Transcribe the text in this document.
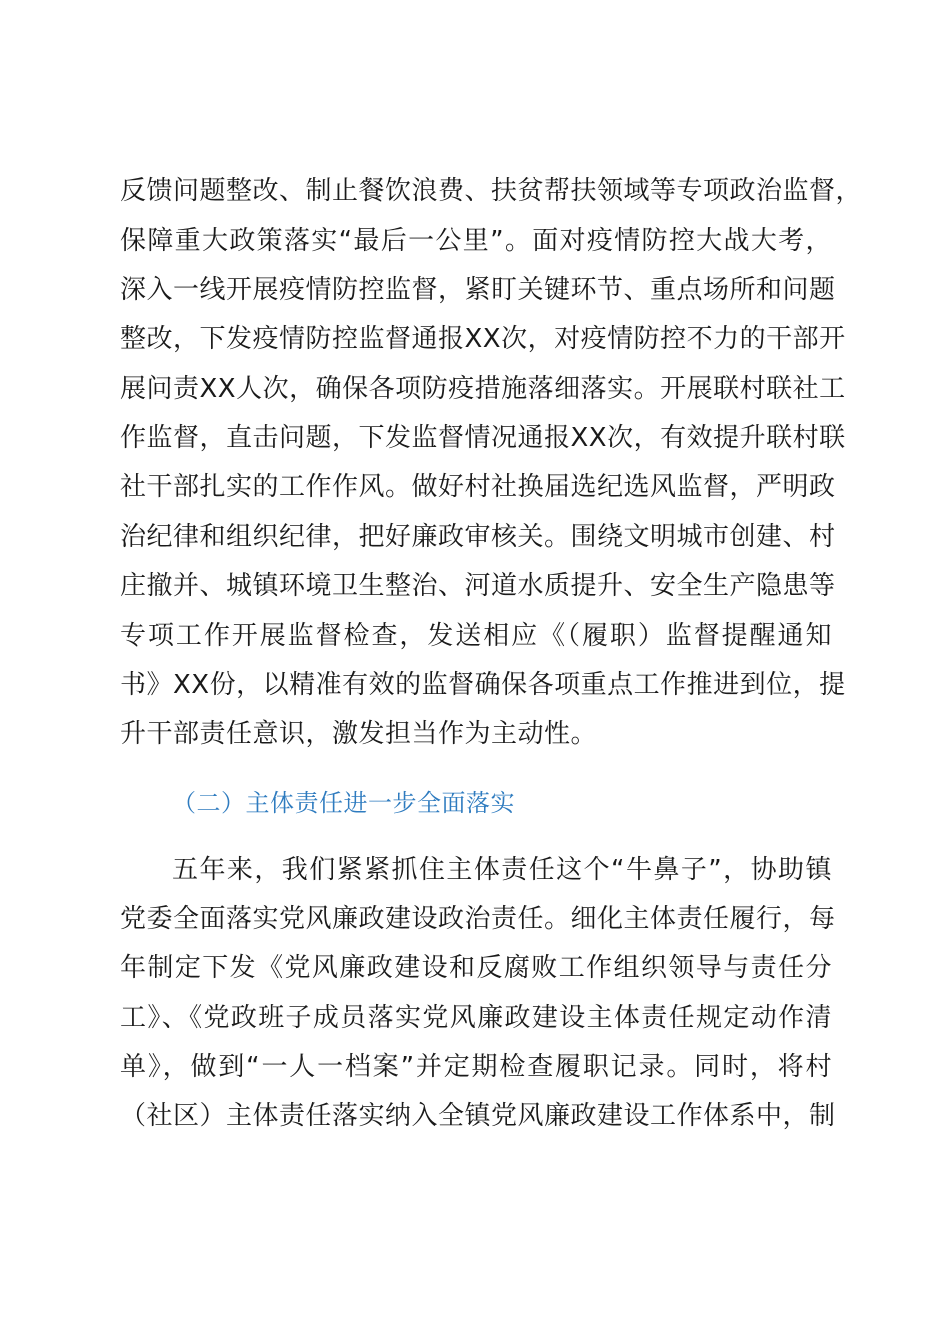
反馈问题整改、制止餐饮浪费、扶贫帮扶领域等专项政治监督，
保障重大政策落实“最后一公里”。面对疫情防控大战大考，
深入一线开展疫情防控监督，紧盯关键环节、重点场所和问题
整改，下发疫情防控监督通报XX次，对疫情防控不力的干部开
展问责XX人次，确保各项防疫措施落细落实。开展联村联社工
作监督，直击问题，下发监督情况通报XX次，有效提升联村联
社干部扎实的工作作风。做好村社换届选纪选风监督，严明政
治纪律和组织纪律，把好廉政审核关。围绕文明城市创建、村
庄撤并、城镇环境卫生整治、河道水质提升、安全生产隐患等
专项工作开展监督检查，发送相应《（履职）监督提醒通知
书》XX份，以精准有效的监督确保各项重点工作推进到位，提
升干部责任意识，激发担当作为主动性。
（二）主体责任进一步全面落实
五年来，我们紧紧抓住主体责任这个“牛鼻子”，协助镇
党委全面落实党风廉政建设政治责任。细化主体责任履行，每
年制定下发《党风廉政建设和反腐败工作组织领导与责任分
工》、《党政班子成员落实党风廉政建设主体责任规定动作清
单》，做到“一人一档案”并定期检查履职记录。同时，将村
（社区）主体责任落实纳入全镇党风廉政建设工作体系中，制
